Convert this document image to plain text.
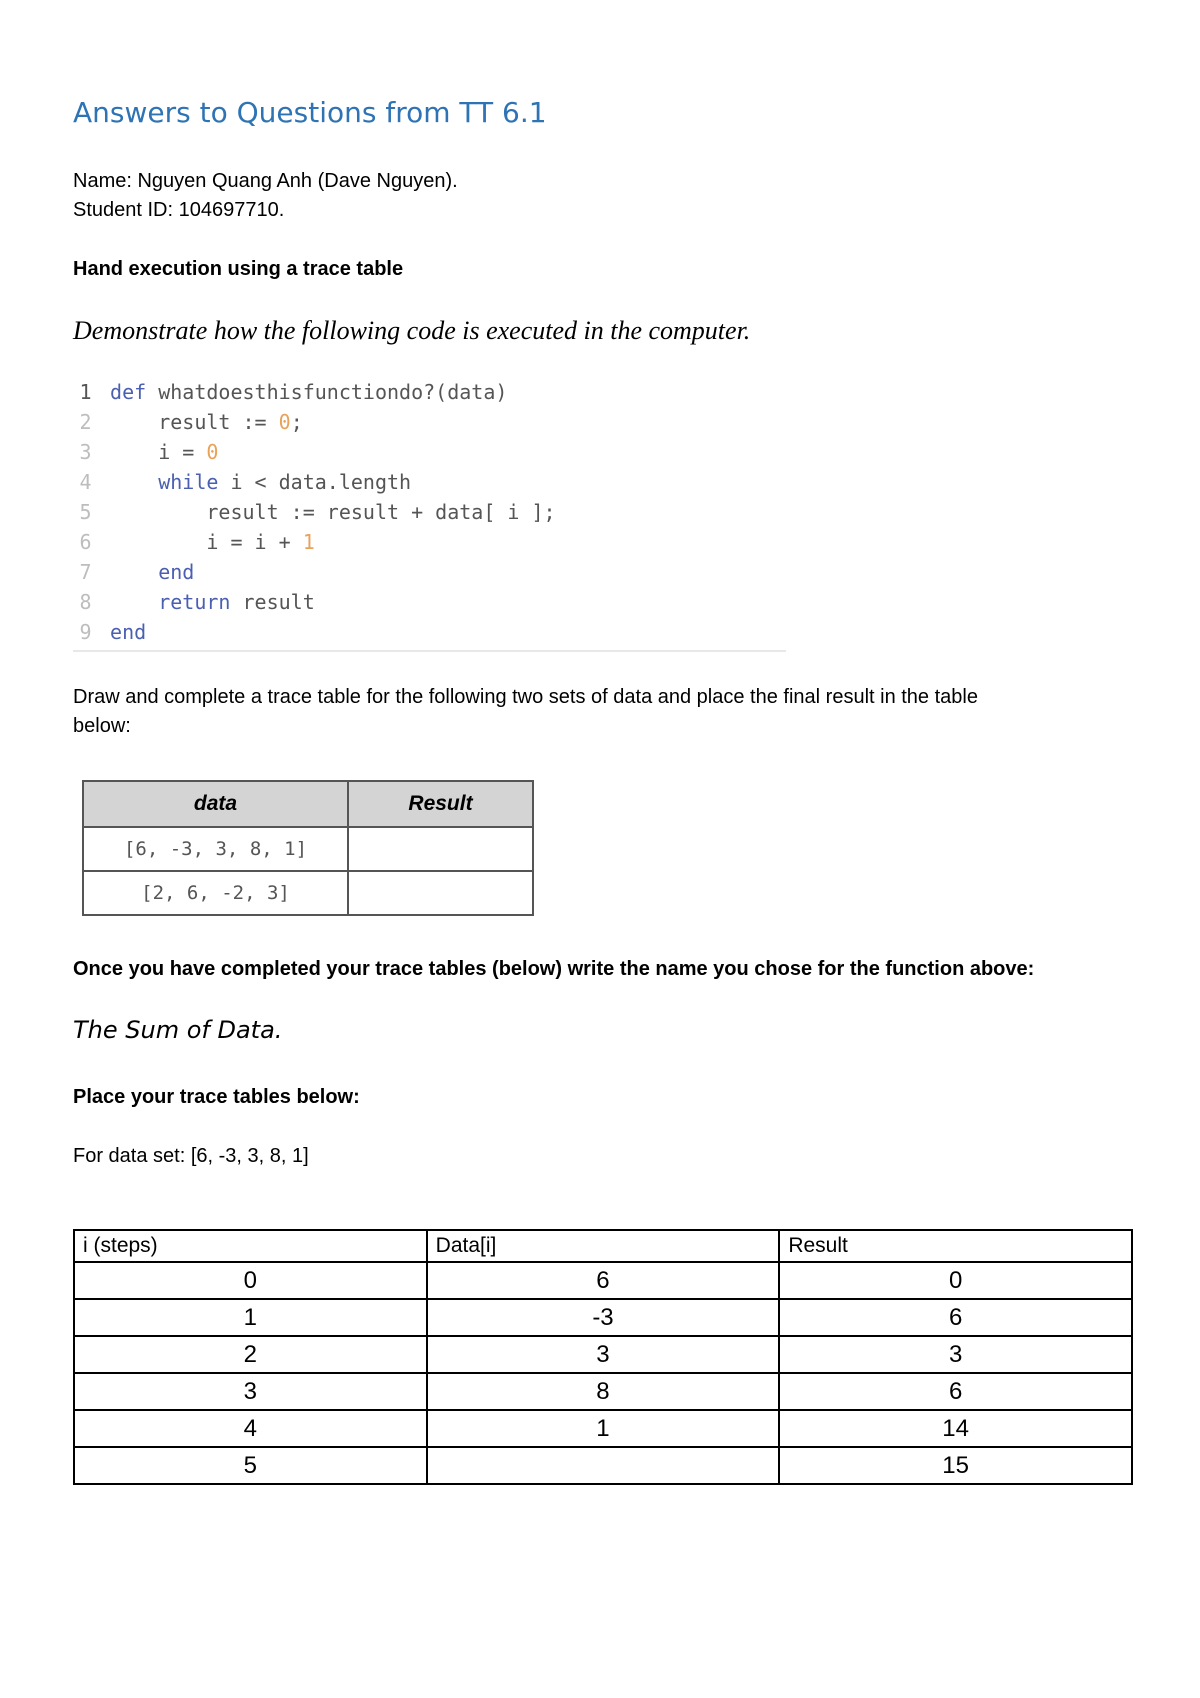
Answers to Questions from TT 6.1
Name: Nguyen Quang Anh (Dave Nguyen).
Student ID: 104697710.
Hand execution using a trace table
Demonstrate how the following code is executed in the computer.
1 def whatdoesthisfunctiondo?(data)
2	result := 0;
3	i = 0
4	while i < data.length
5	result := result + data[ i ];
6	i = i + 1
7	end
8	return result
9 end
Draw and complete a trace table for the following two sets of data and place the final result in the table
below:
data	Result
[6, -3, 3, 8, 1]	
[2, 6, -2, 3]	
Once you have completed your trace tables (below) write the name you chose for the function above:
The Sum of Data.
Place your trace tables below:
For data set: [6, -3, 3, 8, 1]
i (steps)	Data[i]	Result
0	6	0
1	-3	6
2	3	3
3	8	6
4	1	14
5		15
